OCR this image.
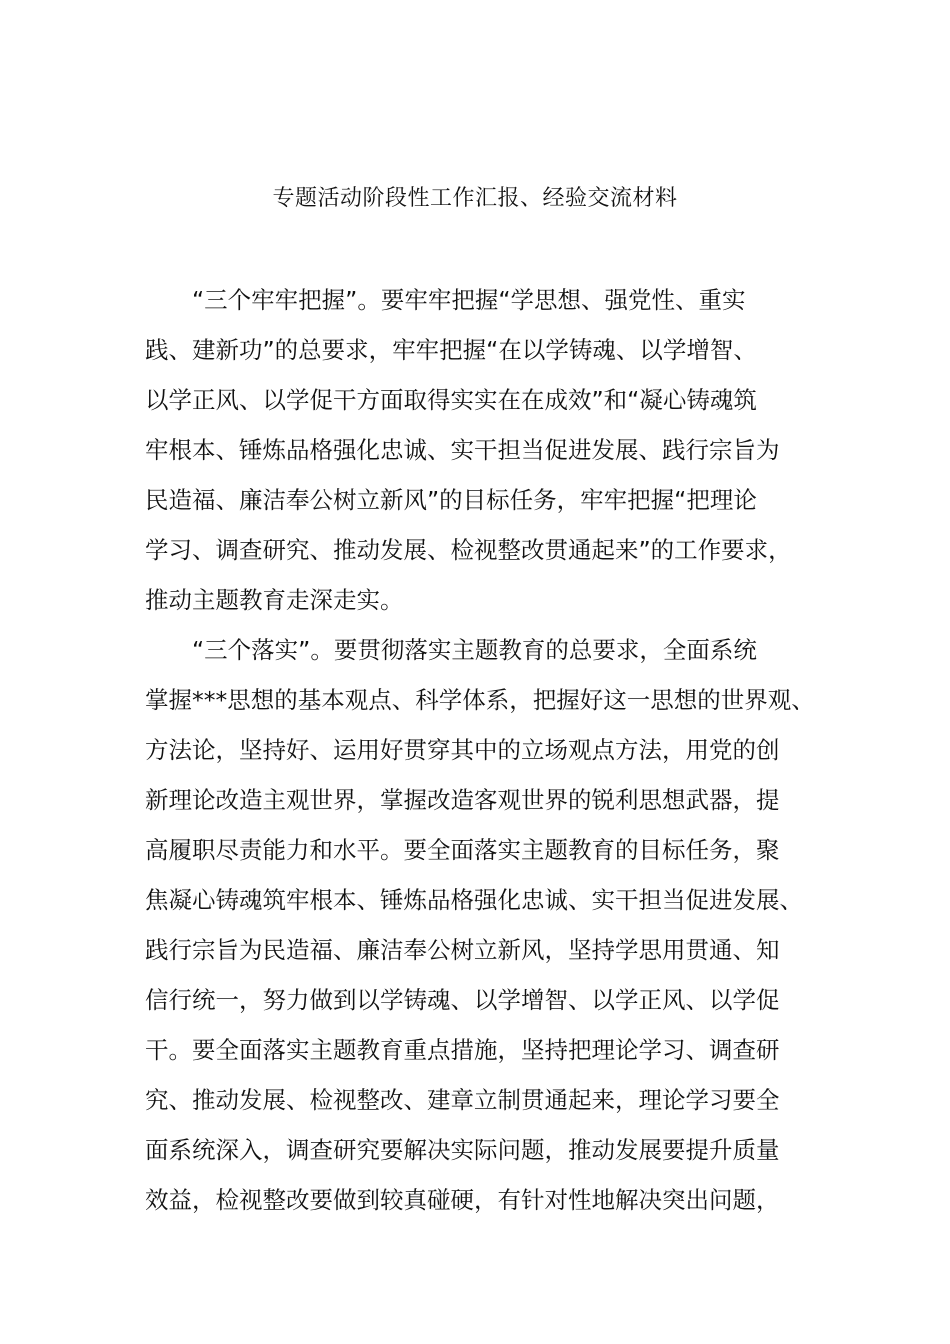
专题活动阶段性工作汇报、经验交流材料
“三个牢牢把握”。要牢牢把握“学思想、强党性、重实
践、建新功”的总要求，牢牢把握“在以学铸魂、以学增智、
以学正风、以学促干方面取得实实在在成效”和“凝心铸魂筑
牢根本、锤炼品格强化忠诚、实干担当促进发展、践行宗旨为
民造福、廉洁奉公树立新风”的目标任务，牢牢把握“把理论
学习、调查研究、推动发展、检视整改贯通起来”的工作要求，
推动主题教育走深走实。
“三个落实”。要贯彻落实主题教育的总要求，全面系统
掌握***思想的基本观点、科学体系，把握好这一思想的世界观、
方法论，坚持好、运用好贯穿其中的立场观点方法，用党的创
新理论改造主观世界，掌握改造客观世界的锐利思想武器，提
高履职尽责能力和水平。要全面落实主题教育的目标任务，聚
焦凝心铸魂筑牢根本、锤炼品格强化忠诚、实干担当促进发展、
践行宗旨为民造福、廉洁奉公树立新风，坚持学思用贯通、知
信行统一，努力做到以学铸魂、以学增智、以学正风、以学促
干。要全面落实主题教育重点措施，坚持把理论学习、调查研
究、推动发展、检视整改、建章立制贯通起来，理论学习要全
面系统深入，调查研究要解决实际问题，推动发展要提升质量
效益，检视整改要做到较真碰硬，有针对性地解决突出问题，
